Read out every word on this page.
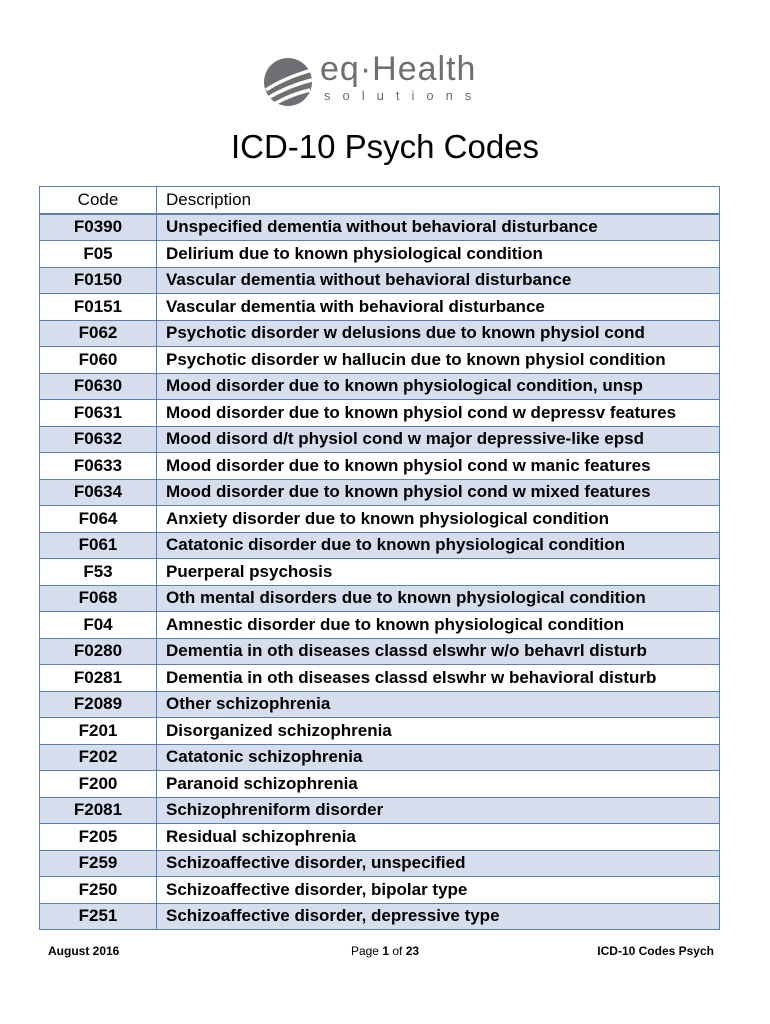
eq·Health
solutions
ICD-10 Psych Codes
Code	Description
F0390	Unspecified dementia without behavioral disturbance
F05	Delirium due to known physiological condition
F0150	Vascular dementia without behavioral disturbance
F0151	Vascular dementia with behavioral disturbance
F062	Psychotic disorder w delusions due to known physiol cond
F060	Psychotic disorder w hallucin due to known physiol condition
F0630	Mood disorder due to known physiological condition, unsp
F0631	Mood disorder due to known physiol cond w depressv features
F0632	Mood disord d/t physiol cond w major depressive-like epsd
F0633	Mood disorder due to known physiol cond w manic features
F0634	Mood disorder due to known physiol cond w mixed features
F064	Anxiety disorder due to known physiological condition
F061	Catatonic disorder due to known physiological condition
F53	Puerperal psychosis
F068	Oth mental disorders due to known physiological condition
F04	Amnestic disorder due to known physiological condition
F0280	Dementia in oth diseases classd elswhr w/o behavrl disturb
F0281	Dementia in oth diseases classd elswhr w behavioral disturb
F2089	Other schizophrenia
F201	Disorganized schizophrenia
F202	Catatonic schizophrenia
F200	Paranoid schizophrenia
F2081	Schizophreniform disorder
F205	Residual schizophrenia
F259	Schizoaffective disorder, unspecified
F250	Schizoaffective disorder, bipolar type
F251	Schizoaffective disorder, depressive type
August 2016	Page 1 of 23	ICD-10 Codes Psych
